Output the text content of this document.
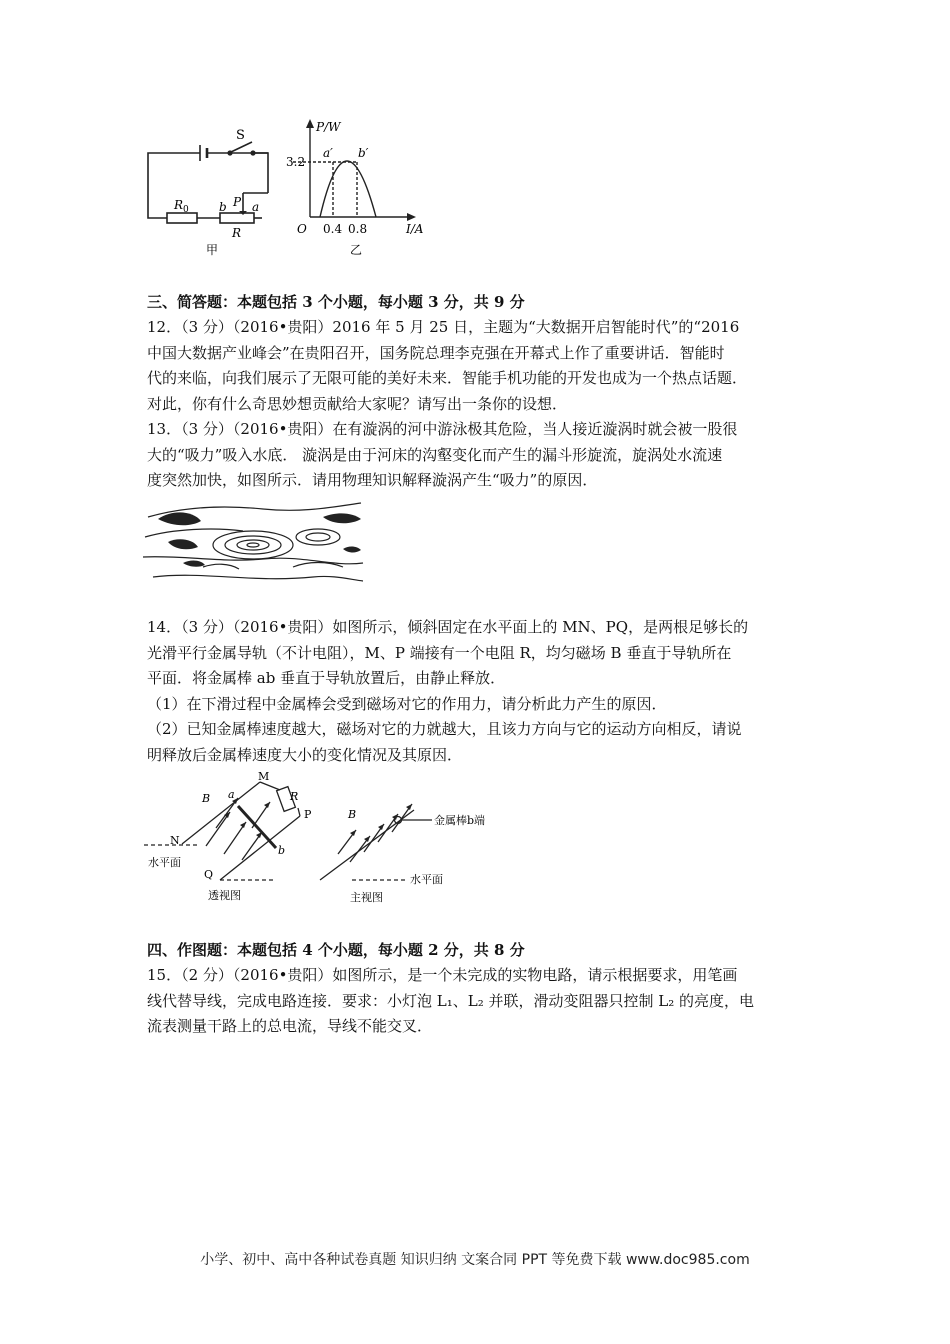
S
$R_0$	b P a
R
甲
P/W
I/A
O
3.2
0.4 0.8
a′ b′
乙
三、简答题：本题包括 3 个小题，每小题 3 分，共 9 分
12．（3 分）（2016•贵阳）2016 年 5 月 25 日，主题为“大数据开启智能时代”的“2016
中国大数据产业峰会”在贵阳召开，国务院总理李克强在开幕式上作了重要讲话．智能时
代的来临，向我们展示了无限可能的美好未来．智能手机功能的开发也成为一个热点话题．
对此，你有什么奇思妙想贡献给大家呢？请写出一条你的设想．
13．（3 分）（2016•贵阳）在有漩涡的河中游泳极其危险，当人接近漩涡时就会被一股很
大的“吸力”吸入水底． 漩涡是由于河床的沟壑变化而产生的漏斗形旋流，旋涡处水流速
度突然加快，如图所示．请用物理知识解释漩涡产生“吸力”的原因．
14．（3 分）（2016•贵阳）如图所示，倾斜固定在水平面上的 MN、PQ，是两根足够长的
光滑平行金属导轨（不计电阻），M、P 端接有一个电阻 R，均匀磁场 B 垂直于导轨所在
平面．将金属棒 ab 垂直于导轨放置后，由静止释放．
（1）在下滑过程中金属棒会受到磁场对它的作用力，请分析此力产生的原因．
（2）已知金属棒速度越大，磁场对它的力就越大，且该力方向与它的运动方向相反，请说
明释放后金属棒速度大小的变化情况及其原因．
M
R
P
N
Q
B a
b
水平面
透视图
B	金属棒b端
水平面
主视图
四、作图题：本题包括 4 个小题，每小题 2 分，共 8 分
15．（2 分）（2016•贵阳）如图所示，是一个未完成的实物电路，请示根据要求，用笔画
线代替导线，完成电路连接．要求：小灯泡 L₁、L₂ 并联，滑动变阻器只控制 L₂ 的亮度，电
流表测量干路上的总电流，导线不能交叉．
小学、初中、高中各种试卷真题 知识归纳 文案合同 PPT 等免费下载 www.doc985.com
